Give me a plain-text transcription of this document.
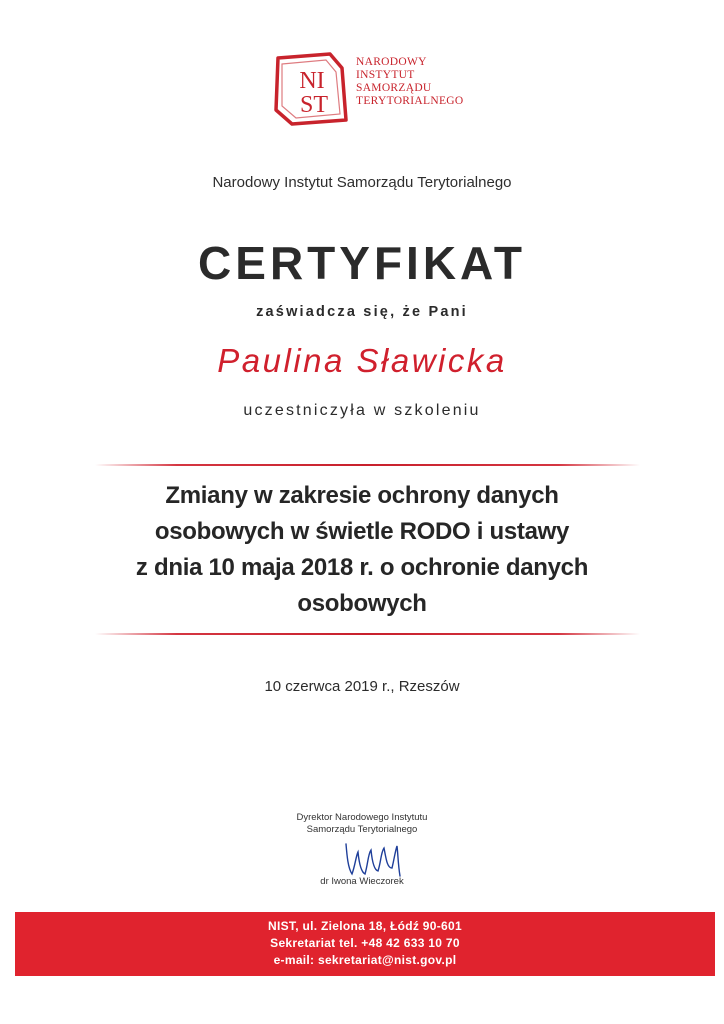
NI
ST
NARODOWY
INSTYTUT
SAMORZĄDU
TERYTORIALNEGO
Narodowy Instytut Samorządu Terytorialnego
CERTYFIKAT
zaświadcza się, że Pani
Paulina Sławicka
uczestniczyła w szkoleniu
Zmiany w zakresie ochrony danych
osobowych w świetle RODO i ustawy
z dnia 10 maja 2018 r. o ochronie danych
osobowych
10 czerwca 2019 r., Rzeszów
Dyrektor Narodowego Instytutu
Samorządu Terytorialnego
dr Iwona Wieczorek
NIST, ul. Zielona 18, Łódź 90-601
Sekretariat tel. +48 42 633 10 70
e-mail: sekretariat@nist.gov.pl
